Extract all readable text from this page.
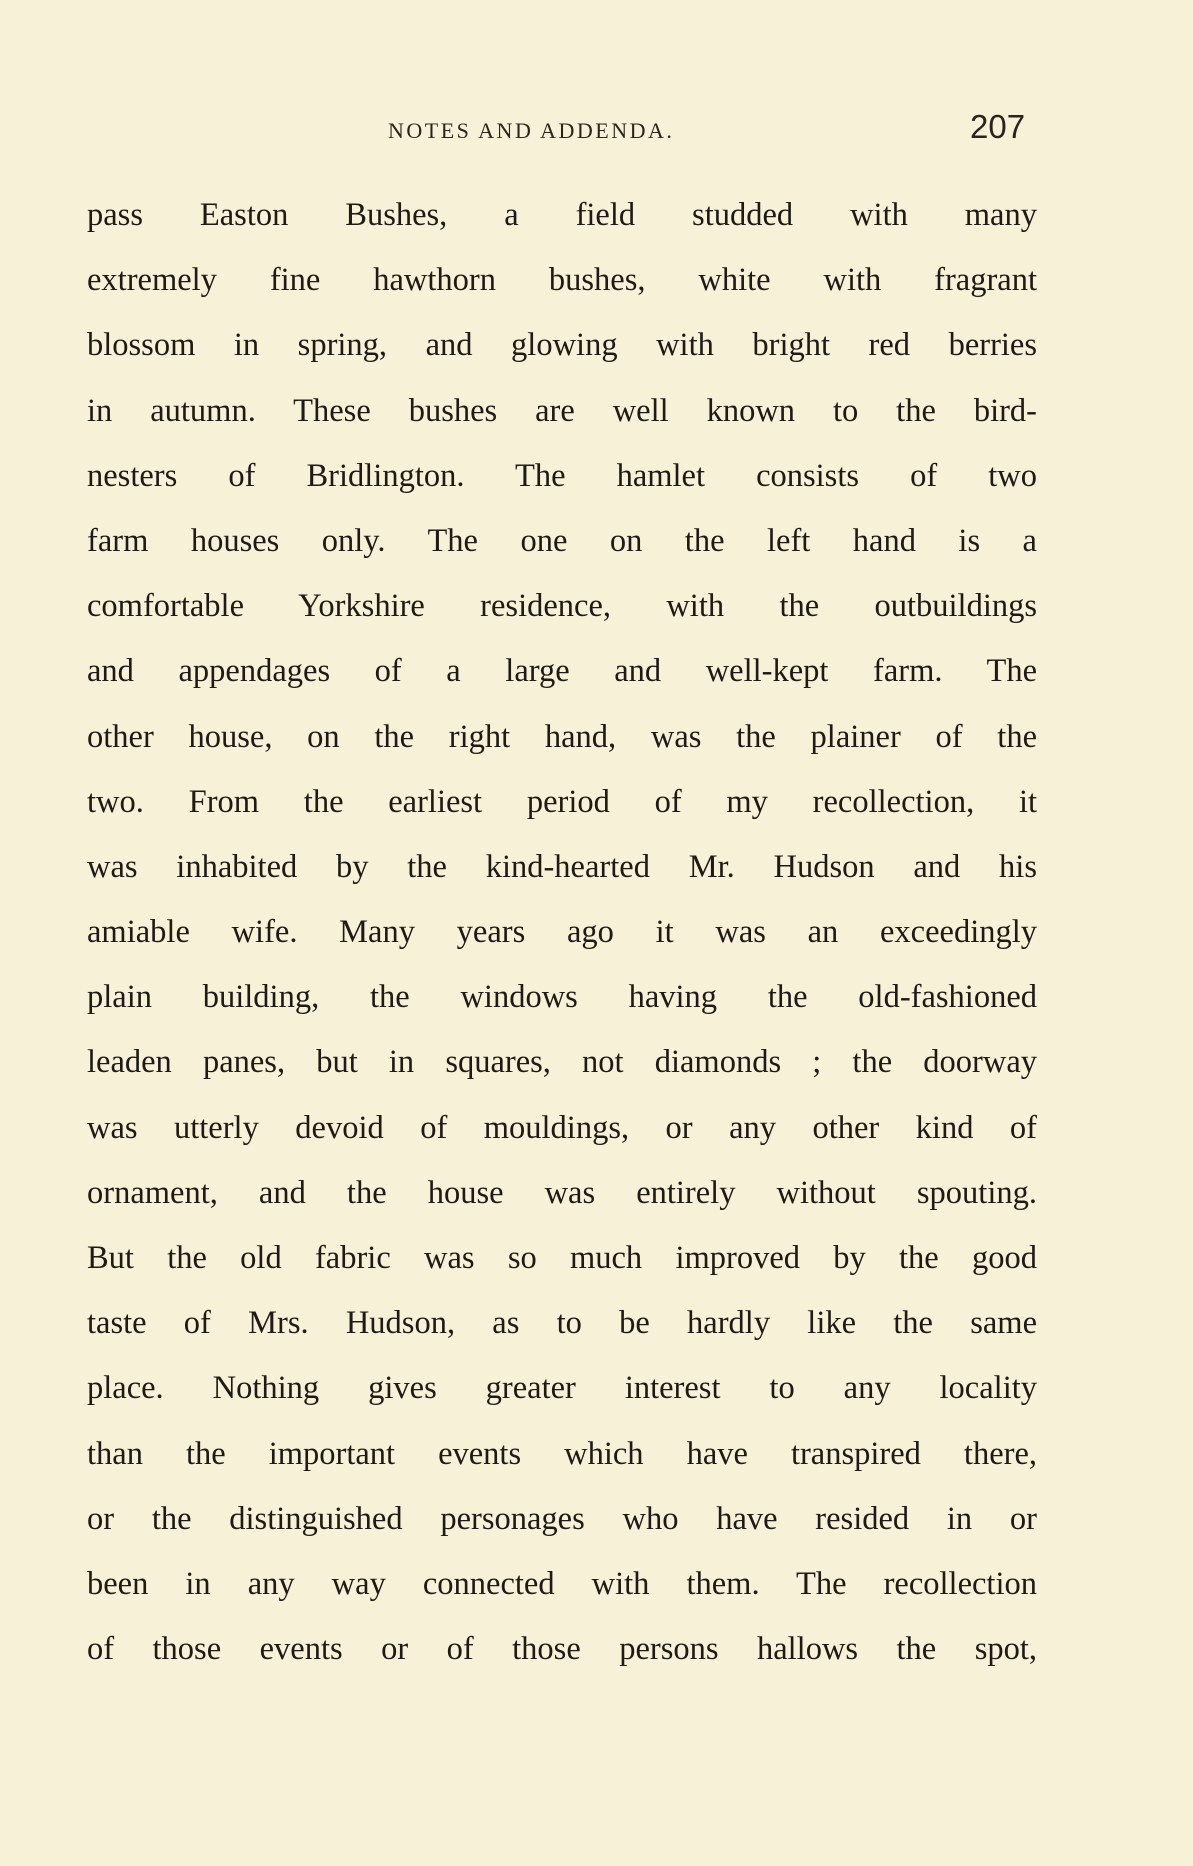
NOTES AND ADDENDA.	207
pass Easton Bushes, a field studded with many
extremely fine hawthorn bushes, white with fragrant
blossom in spring, and glowing with bright red berries
in autumn. These bushes are well known to the bird-
nesters of Bridlington. The hamlet consists of two
farm houses only. The one on the left hand is a
comfortable Yorkshire residence, with the outbuildings
and appendages of a large and well-kept farm. The
other house, on the right hand, was the plainer of the
two. From the earliest period of my recollection, it
was inhabited by the kind-hearted Mr. Hudson and his
amiable wife. Many years ago it was an exceedingly
plain building, the windows having the old-fashioned
leaden panes, but in squares, not diamonds ; the doorway
was utterly devoid of mouldings, or any other kind of
ornament, and the house was entirely without spouting.
But the old fabric was so much improved by the good
taste of Mrs. Hudson, as to be hardly like the same
place. Nothing gives greater interest to any locality
than the important events which have transpired there,
or the distinguished personages who have resided in or
been in any way connected with them. The recollection
of those events or of those persons hallows the spot,
